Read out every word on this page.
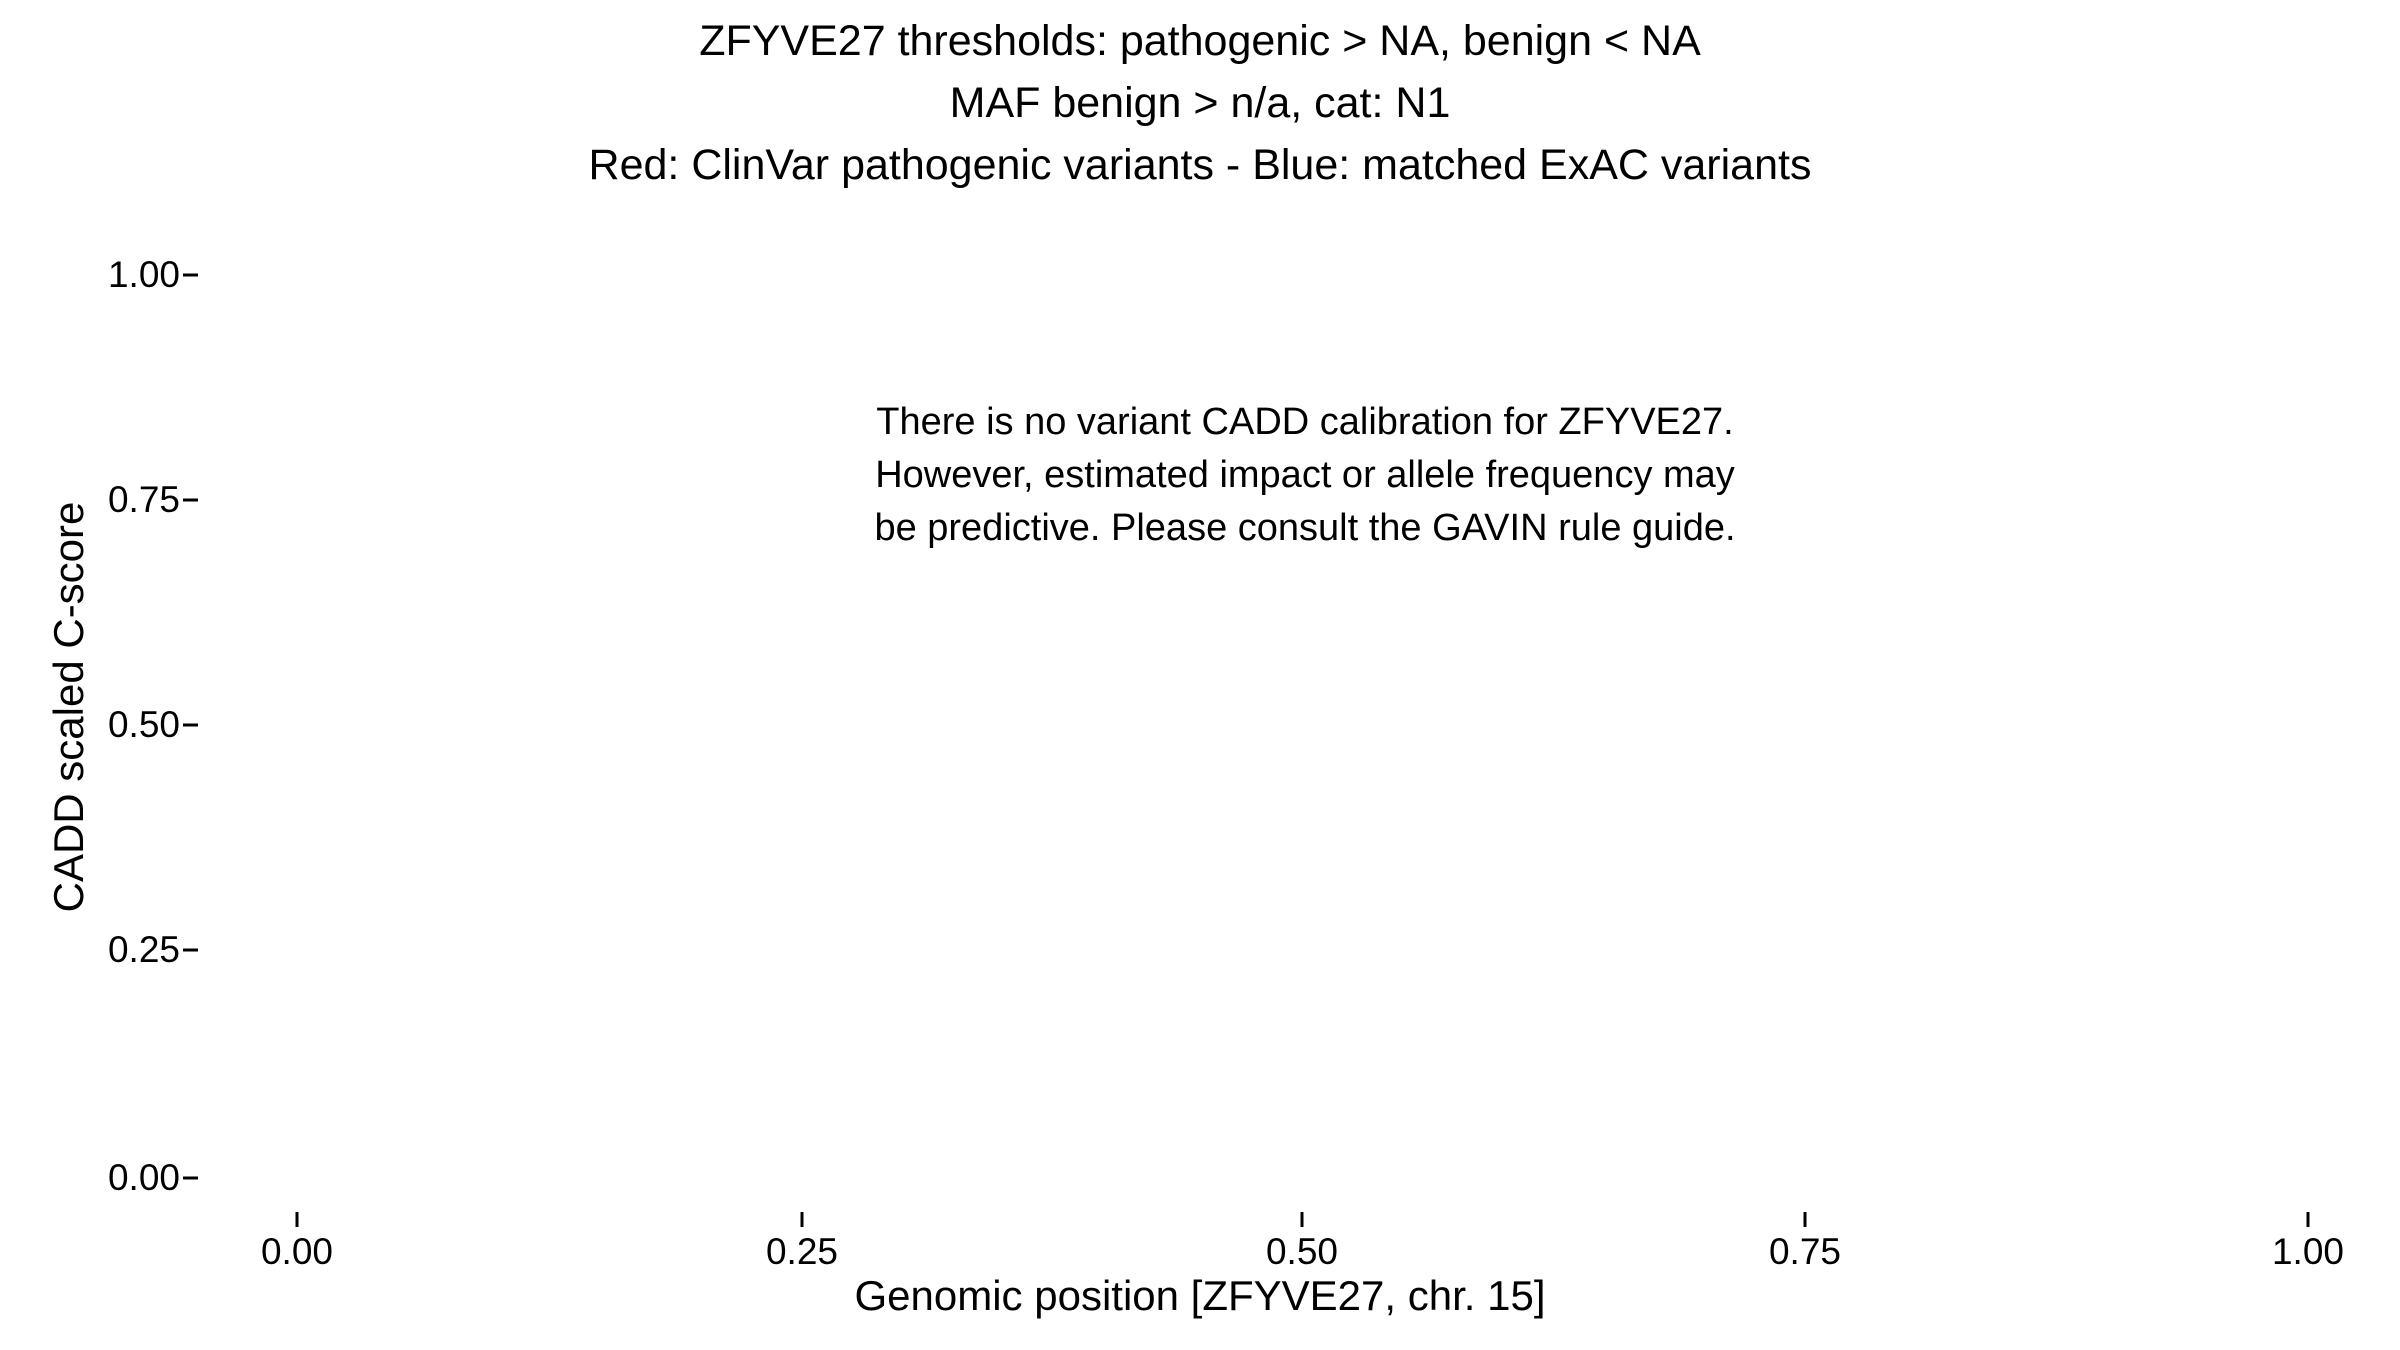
ZFYVE27 thresholds: pathogenic > NA, benign < NA
MAF benign > n/a, cat: N1
Red: ClinVar pathogenic variants - Blue: matched ExAC variants
1.00
0.75
0.50
0.25
0.00
0.00	0.25	0.50	0.75	1.00
Genomic position [ZFYVE27, chr. 15]
CADD scaled C-score
There is no variant CADD calibration for ZFYVE27.
However, estimated impact or allele frequency may
be predictive. Please consult the GAVIN rule guide.
